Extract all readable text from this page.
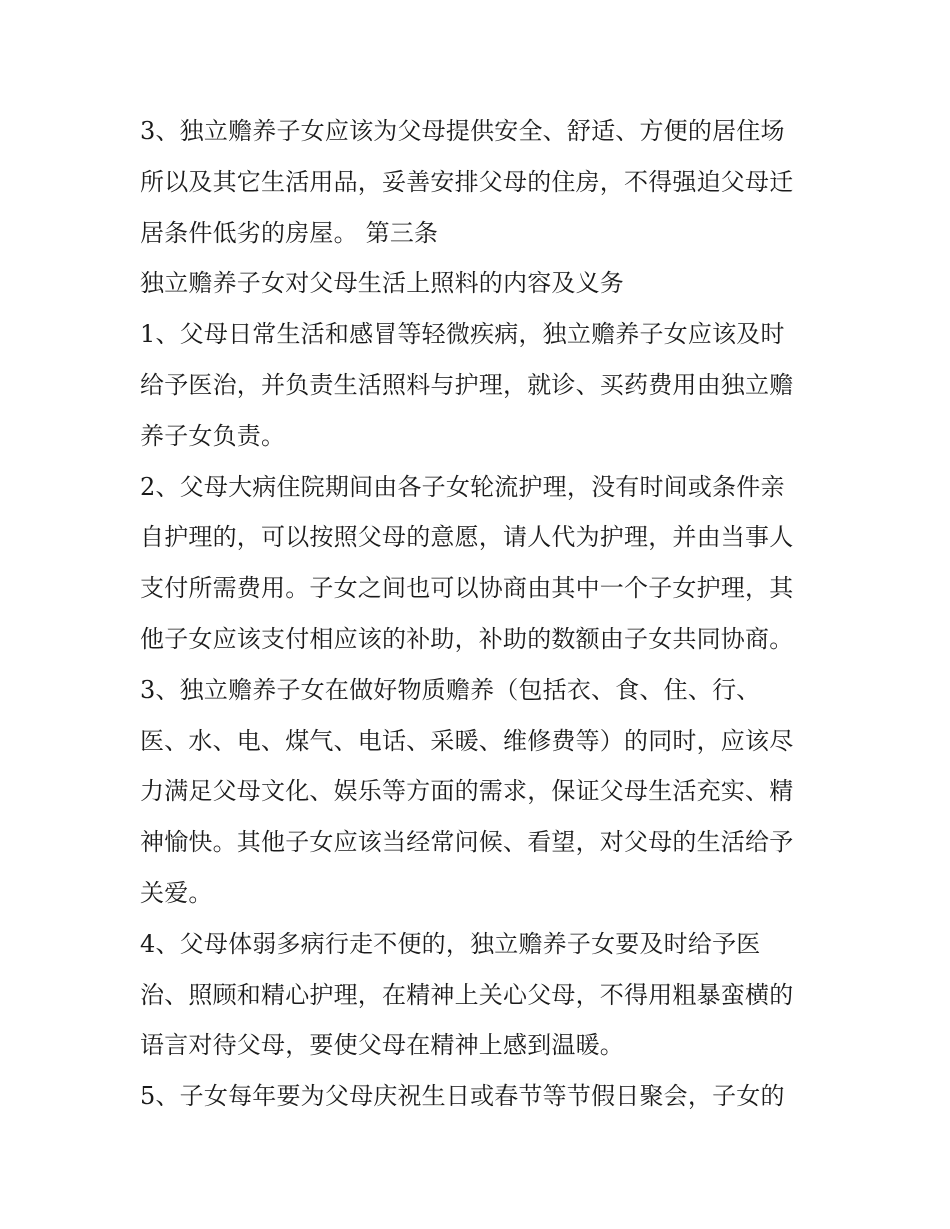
3、独立赡养子女应该为父母提供安全、舒适、方便的居住场
所以及其它生活用品，妥善安排父母的住房，不得强迫父母迁
居条件低劣的房屋。 第三条
独立赡养子女对父母生活上照料的内容及义务
1、父母日常生活和感冒等轻微疾病，独立赡养子女应该及时
给予医治，并负责生活照料与护理，就诊、买药费用由独立赡
养子女负责。
2、父母大病住院期间由各子女轮流护理，没有时间或条件亲
自护理的，可以按照父母的意愿，请人代为护理，并由当事人
支付所需费用。子女之间也可以协商由其中一个子女护理，其
他子女应该支付相应该的补助，补助的数额由子女共同协商。
3、独立赡养子女在做好物质赡养（包括衣、食、住、行、
医、水、电、煤气、电话、采暖、维修费等）的同时，应该尽
力满足父母文化、娱乐等方面的需求，保证父母生活充实、精
神愉快。其他子女应该当经常问候、看望，对父母的生活给予
关爱。
4、父母体弱多病行走不便的，独立赡养子女要及时给予医
治、照顾和精心护理，在精神上关心父母，不得用粗暴蛮横的
语言对待父母，要使父母在精神上感到温暖。
5、子女每年要为父母庆祝生日或春节等节假日聚会，子女的
